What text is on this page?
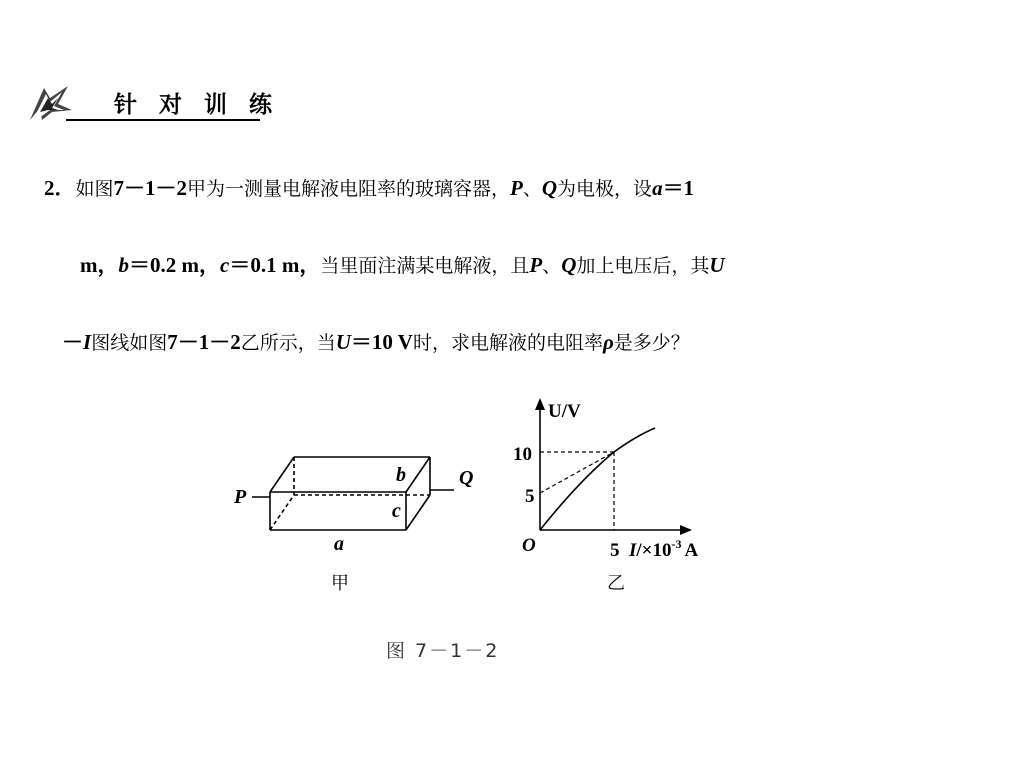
针 对 训 练
2．如图7－1－2甲为一测量电解液电阻率的玻璃容器，P、Q为电极，设a＝1
m，b＝0.2 m，c＝0.1 m，当里面注满某电解液，且P、Q加上电压后，其U
－I图线如图7－1－2乙所示，当U＝10 V时，求电解液的电阻率ρ是多少？
P
Q
b
c
a
甲
U/V
10
5
O	5 $I/\times 10^{-3}$ A
乙
图 7－1－2
